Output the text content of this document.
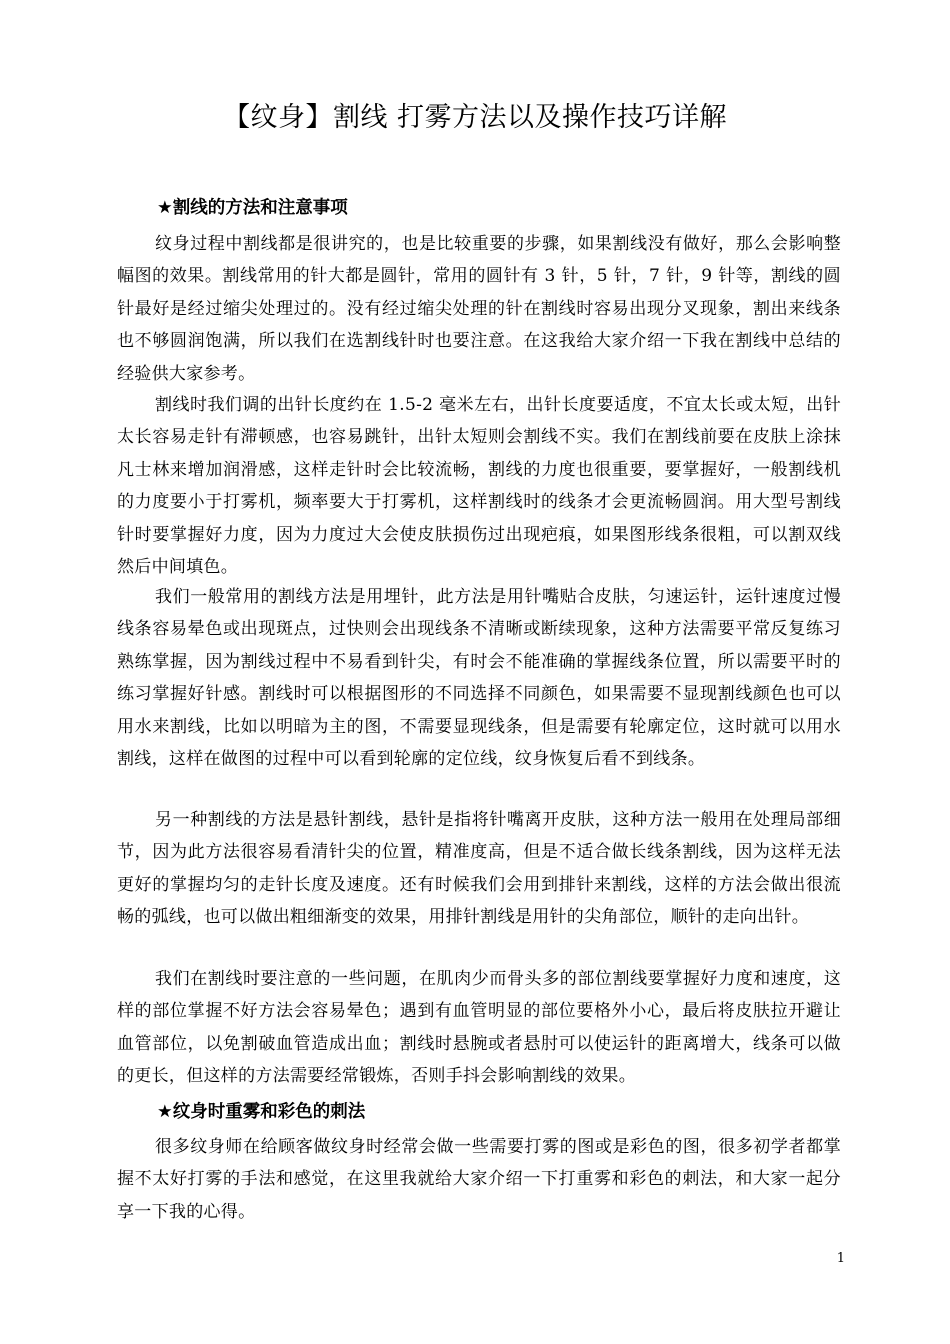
【纹身】割线 打雾方法以及操作技巧详解
★割线的方法和注意事项

纹身过程中割线都是很讲究的，也是比较重要的步骤，如果割线没有做好，那么会影响整幅图的效果。割线常用的针大都是圆针，常用的圆针有 3 针，5 针，7 针，9 针等，割线的圆针最好是经过缩尖处理过的。没有经过缩尖处理的针在割线时容易出现分叉现象，割出来线条也不够圆润饱满，所以我们在选割线针时也要注意。在这我给大家介绍一下我在割线中总结的经验供大家参考。

割线时我们调的出针长度约在 1.5-2 毫米左右，出针长度要适度，不宜太长或太短，出针太长容易走针有滞顿感，也容易跳针，出针太短则会割线不实。我们在割线前要在皮肤上涂抹凡士林来增加润滑感，这样走针时会比较流畅，割线的力度也很重要，要掌握好，一般割线机的力度要小于打雾机，频率要大于打雾机，这样割线时的线条才会更流畅圆润。用大型号割线针时要掌握好力度，因为力度过大会使皮肤损伤过出现疤痕，如果图形线条很粗，可以割双线然后中间填色。

我们一般常用的割线方法是用埋针，此方法是用针嘴贴合皮肤，匀速运针，运针速度过慢线条容易晕色或出现斑点，过快则会出现线条不清晰或断续现象，这种方法需要平常反复练习熟练掌握，因为割线过程中不易看到针尖，有时会不能准确的掌握线条位置，所以需要平时的练习掌握好针感。割线时可以根据图形的不同选择不同颜色，如果需要不显现割线颜色也可以用水来割线，比如以明暗为主的图，不需要显现线条，但是需要有轮廓定位，这时就可以用水割线，这样在做图的过程中可以看到轮廓的定位线，纹身恢复后看不到线条。

另一种割线的方法是悬针割线，悬针是指将针嘴离开皮肤，这种方法一般用在处理局部细节，因为此方法很容易看清针尖的位置，精准度高，但是不适合做长线条割线，因为这样无法更好的掌握均匀的走针长度及速度。还有时候我们会用到排针来割线，这样的方法会做出很流畅的弧线，也可以做出粗细渐变的效果，用排针割线是用针的尖角部位，顺针的走向出针。

我们在割线时要注意的一些问题，在肌肉少而骨头多的部位割线要掌握好力度和速度，这样的部位掌握不好方法会容易晕色；遇到有血管明显的部位要格外小心，最后将皮肤拉开避让血管部位，以免割破血管造成出血；割线时悬腕或者悬肘可以使运针的距离增大，线条可以做的更长，但这样的方法需要经常锻炼，否则手抖会影响割线的效果。

★纹身时重雾和彩色的刺法

很多纹身师在给顾客做纹身时经常会做一些需要打雾的图或是彩色的图，很多初学者都掌握不太好打雾的手法和感觉，在这里我就给大家介绍一下打重雾和彩色的刺法，和大家一起分享一下我的心得。

1
